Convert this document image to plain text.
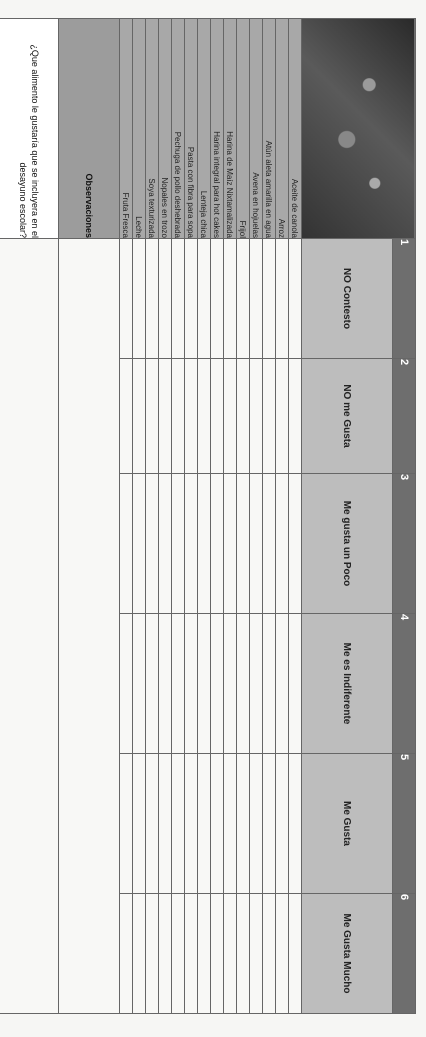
	1	2	3	4	5	6
	NO Contesto	NO me Gusta	Me gusta un Poco	Me es Indiferente	Me Gusta	Me Gusta Mucho
Aceite de canola						
Arroz						
Atún aleta amarilla en agua						
Avena en hojuelas						
Frijol						
Harina de Maíz Nixtamalizada						
Harina integral para hot cakes						
Lenteja chica						
Pasta con fibra para sopa						
Pechuga de pollo deshebrada						
Nopales en trozo						
Soya texturizada						
Leche						
Fruta Fresca						
Observaciones						
¿Que alimento le gustaría que se incluyera en el desayuno escolar?						
